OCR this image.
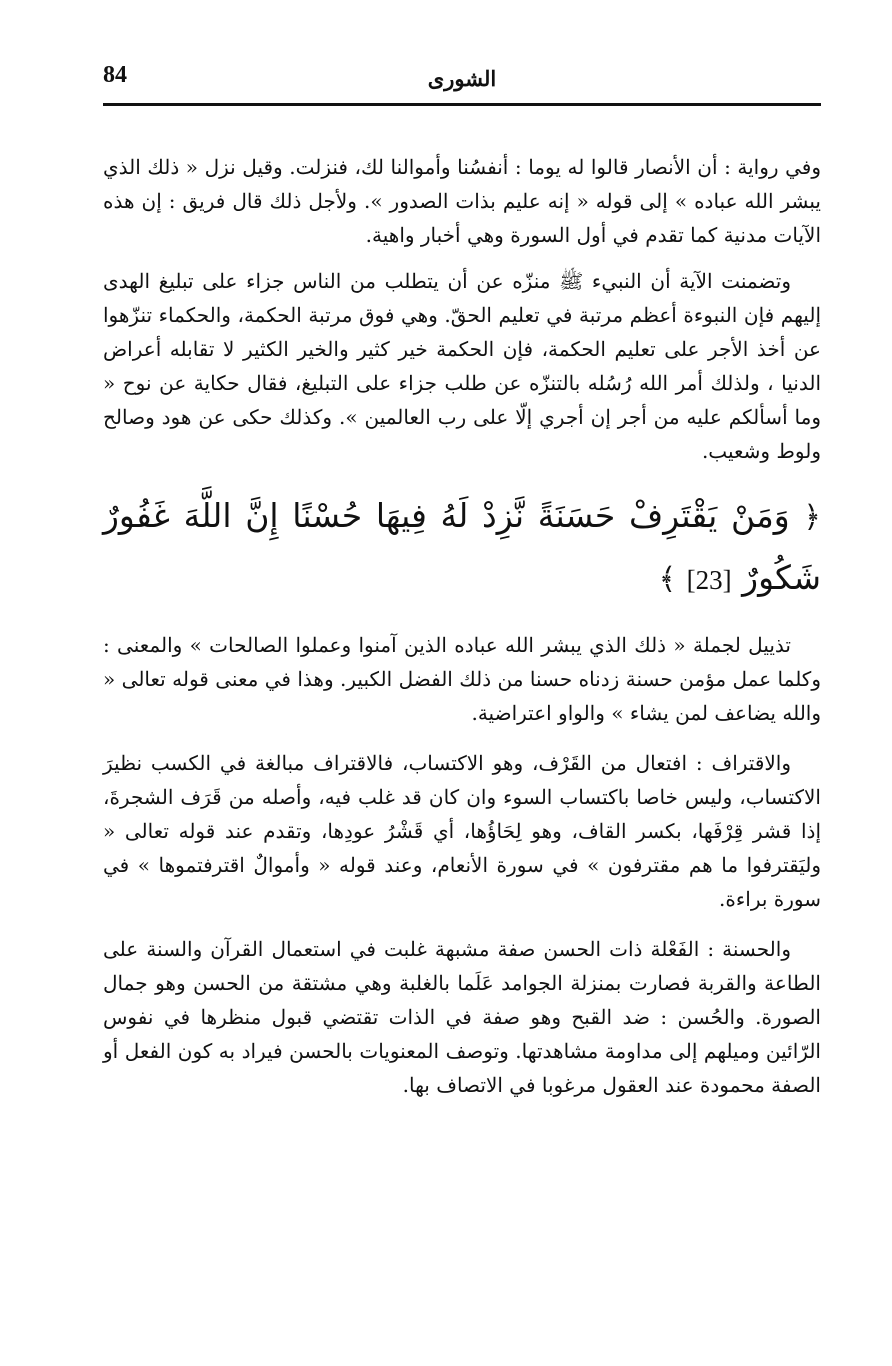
84	الشورى

وفي رواية : أن الأنصار قالوا له يوما : أنفسُنا وأموالنا لك، فنزلت. وقيل نزل « ذلك الذي يبشر الله عباده » إلى قوله « إنه عليم بذات الصدور ». ولأجل ذلك قال فريق : إن هذه الآيات مدنية كما تقدم في أول السورة وهي أخبار واهية.

وتضمنت الآية أن النبيء ﷺ منزّه عن أن يتطلب من الناس جزاء على تبليغ الهدى إليهم فإن النبوءة أعظم مرتبة في تعليم الحقّ. وهي فوق مرتبة الحكمة، والحكماء تنزّهوا عن أخذ الأجر على تعليم الحكمة، فإن الحكمة خير كثير والخير الكثير لا تقابله أعراض الدنيا ، ولذلك أمر الله رُسُله بالتنزّه عن طلب جزاء على التبليغ، فقال حكاية عن نوح « وما أسألكم عليه من أجر إن أجري إلّا على رب العالمين ». وكذلك حكى عن هود وصالح ولوط وشعيب.

﴿ وَمَنْ يَقْتَرِفْ حَسَنَةً نَّزِدْ لَهُ فِيهَا حُسْنًا إِنَّ اللَّهَ غَفُورٌ شَكُورٌ [23] ﴾

تذييل لجملة « ذلك الذي يبشر الله عباده الذين آمنوا وعملوا الصالحات » والمعنى : وكلما عمل مؤمن حسنة زدناه حسنا من ذلك الفضل الكبير. وهذا في معنى قوله تعالى « والله يضاعف لمن يشاء » والواو اعتراضية.

والاقتراف : افتعال من القَرْف، وهو الاكتساب، فالاقتراف مبالغة في الكسب نظيرَ الاكتساب، وليس خاصا باكتساب السوء وان كان قد غلب فيه، وأصله من قَرَف الشجرةَ، إذا قشر قِرْفَها، بكسر القاف، وهو لِحَاؤُها، أي قَشْرُ عودِها، وتقدم عند قوله تعالى « وليَقترفوا ما هم مقترفون » في سورة الأنعام، وعند قوله « وأموالٌ اقترفتموها » في سورة براءة.

والحسنة : الفَعْلة ذات الحسن صفة مشبهة غلبت في استعمال القرآن والسنة على الطاعة والقربة فصارت بمنزلة الجوامد عَلَما بالغلبة وهي مشتقة من الحسن وهو جمال الصورة. والحُسن : ضد القبح وهو صفة في الذات تقتضي قبول منظرها في نفوس الرّائين وميلهم إلى مداومة مشاهدتها. وتوصف المعنويات بالحسن فيراد به كون الفعل أو الصفة محمودة عند العقول مرغوبا في الاتصاف بها.
